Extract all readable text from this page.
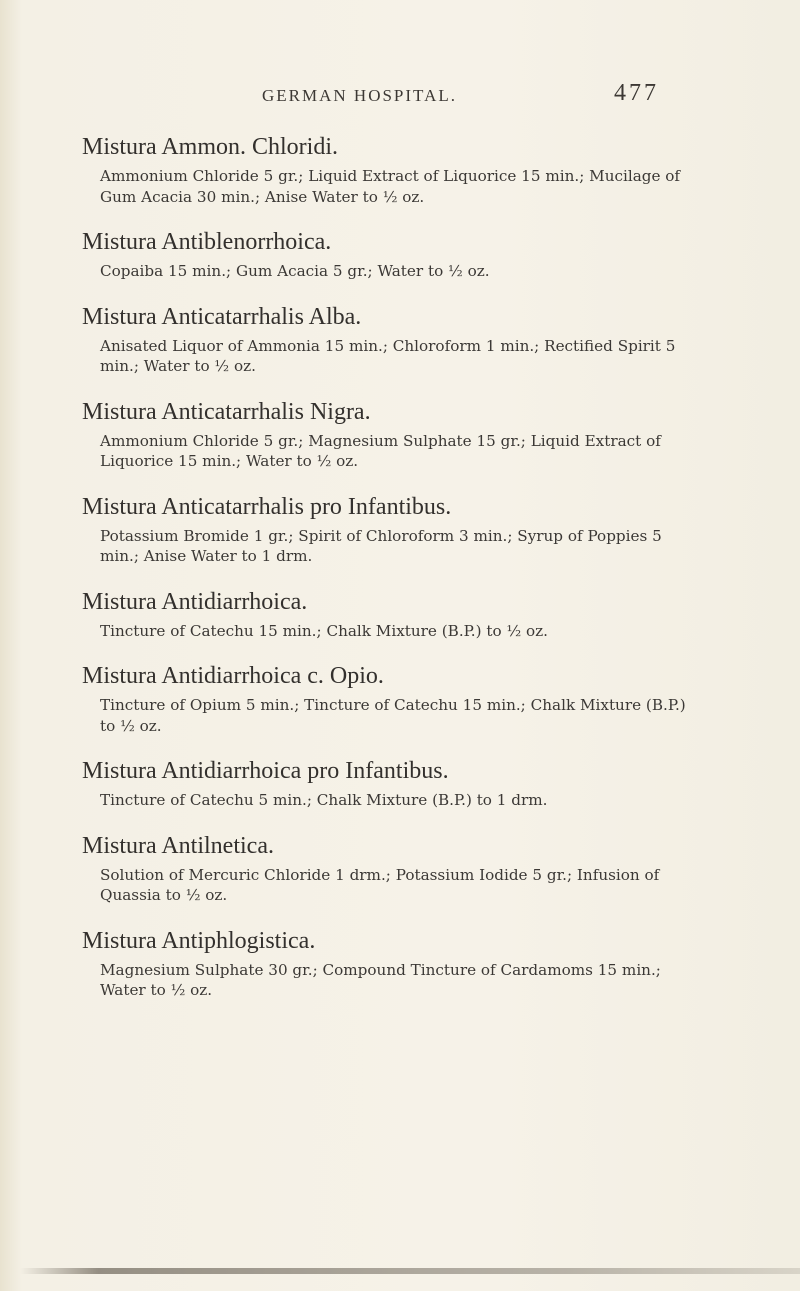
GERMAN HOSPITAL.	477
Mistura Ammon. Chloridi.
Ammonium Chloride 5 gr.; Liquid Extract of Liquorice 15 min.; Mucilage of Gum Acacia 30 min.; Anise Water to ½ oz.
Mistura Antiblenorrhoica.
Copaiba 15 min.; Gum Acacia 5 gr.; Water to ½ oz.
Mistura Anticatarrhalis Alba.
Anisated Liquor of Ammonia 15 min.; Chloroform 1 min.; Rectified Spirit 5 min.; Water to ½ oz.
Mistura Anticatarrhalis Nigra.
Ammonium Chloride 5 gr.; Magnesium Sulphate 15 gr.; Liquid Extract of Liquorice 15 min.; Water to ½ oz.
Mistura Anticatarrhalis pro Infantibus.
Potassium Bromide 1 gr.; Spirit of Chloroform 3 min.; Syrup of Poppies 5 min.; Anise Water to 1 drm.
Mistura Antidiarrhoica.
Tincture of Catechu 15 min.; Chalk Mixture (B.P.) to ½ oz.
Mistura Antidiarrhoica c. Opio.
Tincture of Opium 5 min.; Tincture of Catechu 15 min.; Chalk Mixture (B.P.) to ½ oz.
Mistura Antidiarrhoica pro Infantibus.
Tincture of Catechu 5 min.; Chalk Mixture (B.P.) to 1 drm.
Mistura Antilnetica.
Solution of Mercuric Chloride 1 drm.; Potassium Iodide 5 gr.; Infusion of Quassia to ½ oz.
Mistura Antiphlogistica.
Magnesium Sulphate 30 gr.; Compound Tincture of Cardamoms 15 min.; Water to ½ oz.
